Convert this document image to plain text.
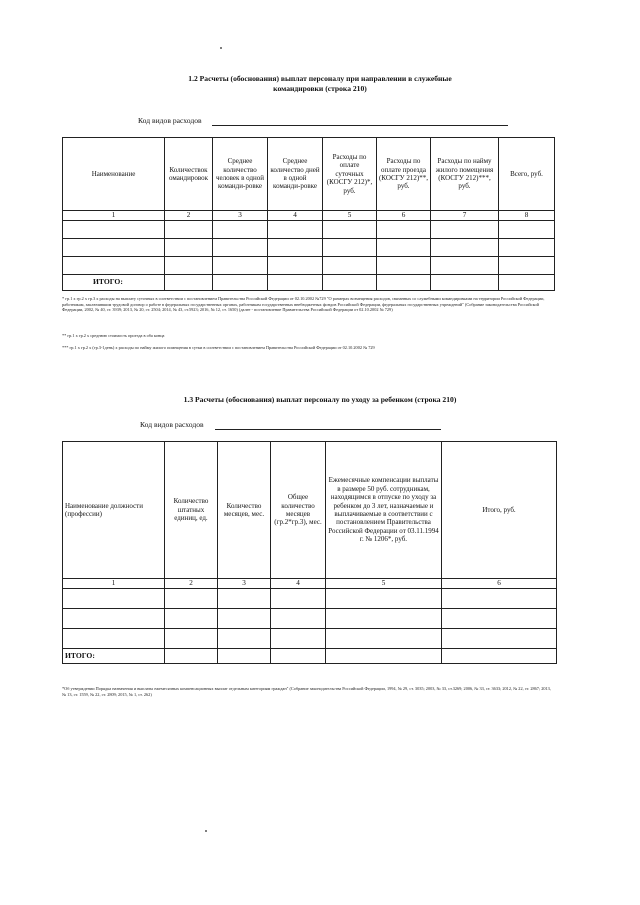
1.2 Расчеты (обоснования) выплат персоналу при направлении в служебные
командировки (строка 210)
Код видов расходов
Наименование	Количествок омандировок	Среднее количество человек в одной команди-ровке	Среднее количество дней в одной команди-ровке	Расходы по оплате суточных (КОСГУ 212)*, руб.	Расходы по оплате проезда (КОСГУ 212)**, руб.	Расходы по найму жилого помещения (КОСГУ 212)***, руб.	Всего, руб.
1	2	3	4	5	6	7	8

ИТОГО:							
* гр.1 х гр.2 х гр.3 х расходы на выплату суточных в соответствии с постановлением Правительства Российской Федерации от 02.10.2002 №729 "О размерах возмещения расходов, связанных со служебными командировками на территории Российской Федерации, работникам, заключившим трудовой договор о работе в федеральных государственных органах, работникам государственных внебюджетных фондов Российской Федерации, федеральных государственных учреждений" (Собрание законодательства Российской Федерации, 2002, № 40, ст. 3939; 2013, № 20, ст. 2504; 2014, № 43, ст.5923; 2016, № 12, ст. 1650) (далее - постановление Правительства Российской Федерации от 02.10.2002 № 729)
** гр.1 х гр.2 х среднюю стоимость проезда в оба конца
*** гр.1 х гр.2 х (гр.3-1день) х расходы по найму жилого помещения в сутки в соответствии с постановлением Правительства Российской Федерации от 02.10.2002 № 729
1.3 Расчеты (обоснования) выплат персоналу по уходу за ребенком (строка 210)
Код видов расходов
Наименование должности (профессии)	Количество штатных единиц, ед.	Количество месяцев, мес.	Общее количество месяцев (гр.2*гр.3), мес.	Ежемесячные компенсации выплаты в размере 50 руб. сотрудникам, находящимся в отпуске по уходу за ребенком до 3 лет, назначаемые и выплачиваемые в соответствии с постановлением Правительства Российской Федерации от 03.11.1994 г. № 1206*, руб.	Итого, руб.
1	2	3	4	5	6

ИТОГО:					
*Об утверждении Порядка назначения и выплаты ежемесячных компенсационных выплат отдельным категориям граждан" (Собрание законодательства Российской Федерации, 1994, № 29, ст. 3035; 2003, № 33, ст.3269; 2006, № 33, ст. 3633; 2012, № 22, ст. 2867; 2013, № 13, ст. 1559, № 22, ст. 2809; 2015, № 1, ст. 262)
